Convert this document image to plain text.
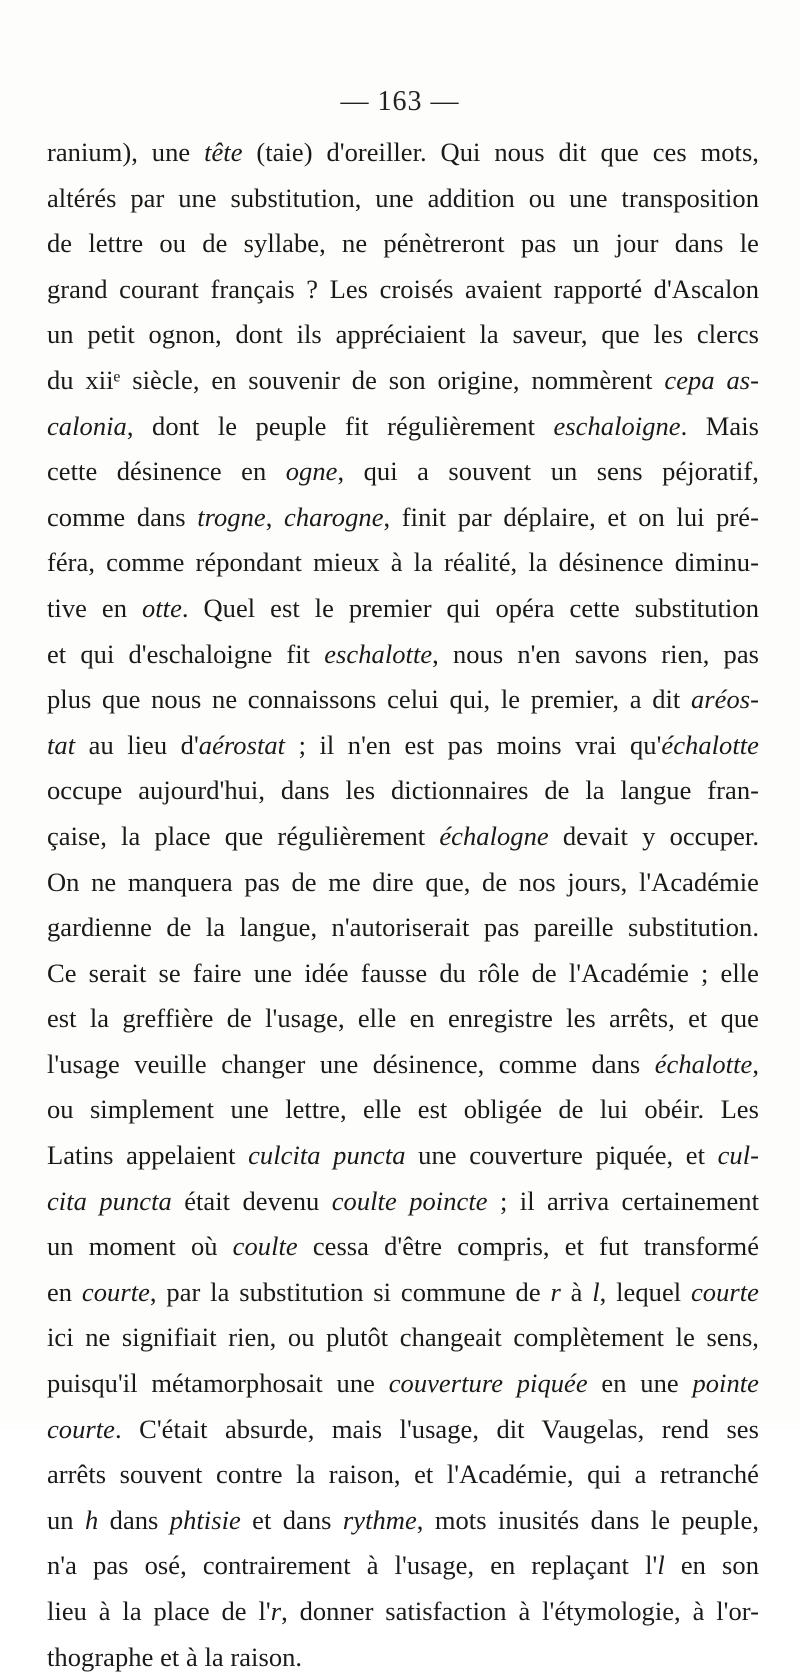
— 163 —
ranium), une tête (taie) d'oreiller. Qui nous dit que ces mots,
altérés par une substitution, une addition ou une transposition
de lettre ou de syllabe, ne pénètreront pas un jour dans le
grand courant français ? Les croisés avaient rapporté d'Ascalon
un petit ognon, dont ils appréciaient la saveur, que les clercs
du xiiᵉ siècle, en souvenir de son origine, nommèrent cepa as-
calonia, dont le peuple fit régulièrement eschaloigne. Mais
cette désinence en ogne, qui a souvent un sens péjoratif,
comme dans trogne, charogne, finit par déplaire, et on lui pré-
féra, comme répondant mieux à la réalité, la désinence diminu-
tive en otte. Quel est le premier qui opéra cette substitution
et qui d'eschaloigne fit eschalotte, nous n'en savons rien, pas
plus que nous ne connaissons celui qui, le premier, a dit aréos-
tat au lieu d'aérostat ; il n'en est pas moins vrai qu'échalotte
occupe aujourd'hui, dans les dictionnaires de la langue fran-
çaise, la place que régulièrement échalogne devait y occuper.
On ne manquera pas de me dire que, de nos jours, l'Académie
gardienne de la langue, n'autoriserait pas pareille substitution.
Ce serait se faire une idée fausse du rôle de l'Académie ; elle
est la greffière de l'usage, elle en enregistre les arrêts, et que
l'usage veuille changer une désinence, comme dans échalotte,
ou simplement une lettre, elle est obligée de lui obéir. Les
Latins appelaient culcita puncta une couverture piquée, et cul-
cita puncta était devenu coulte poincte ; il arriva certainement
un moment où coulte cessa d'être compris, et fut transformé
en courte, par la substitution si commune de r à l, lequel courte
ici ne signifiait rien, ou plutôt changeait complètement le sens,
puisqu'il métamorphosait une couverture piquée en une pointe
courte. C'était absurde, mais l'usage, dit Vaugelas, rend ses
arrêts souvent contre la raison, et l'Académie, qui a retranché
un h dans phtisie et dans rythme, mots inusités dans le peuple,
n'a pas osé, contrairement à l'usage, en replaçant l'l en son
lieu à la place de l'r, donner satisfaction à l'étymologie, à l'or-
thographe et à la raison.
